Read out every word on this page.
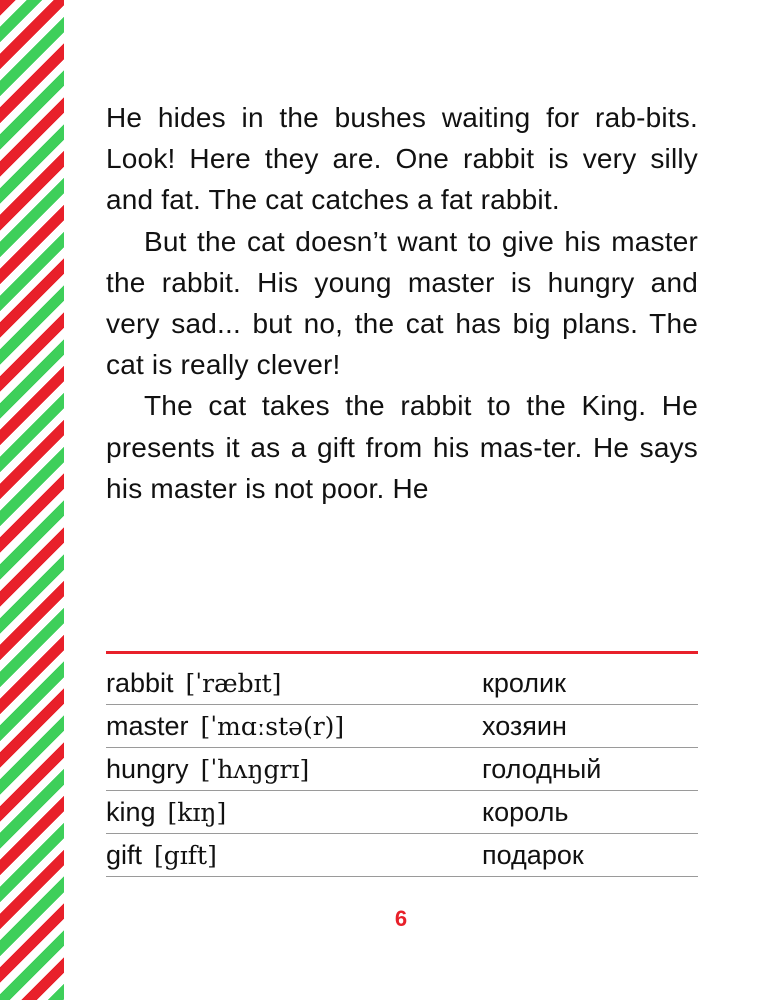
He hides in the bushes waiting for rab-bits. Look! Here they are. One rabbit is very silly and fat. The cat catches a fat rabbit.

But the cat doesn’t want to give his master the rabbit. His young master is hungry and very sad... but no, the cat has big plans. The cat is really clever!

The cat takes the rabbit to the King. He presents it as a gift from his mas-ter. He says his master is not poor. He

rabbit [ˈræbɪt]	кролик
master [ˈmɑːstə(r)]	хозяин
hungry [ˈhʌŋgrɪ]	голодный
king [kɪŋ]	король
gift [gɪft]	подарок
6
